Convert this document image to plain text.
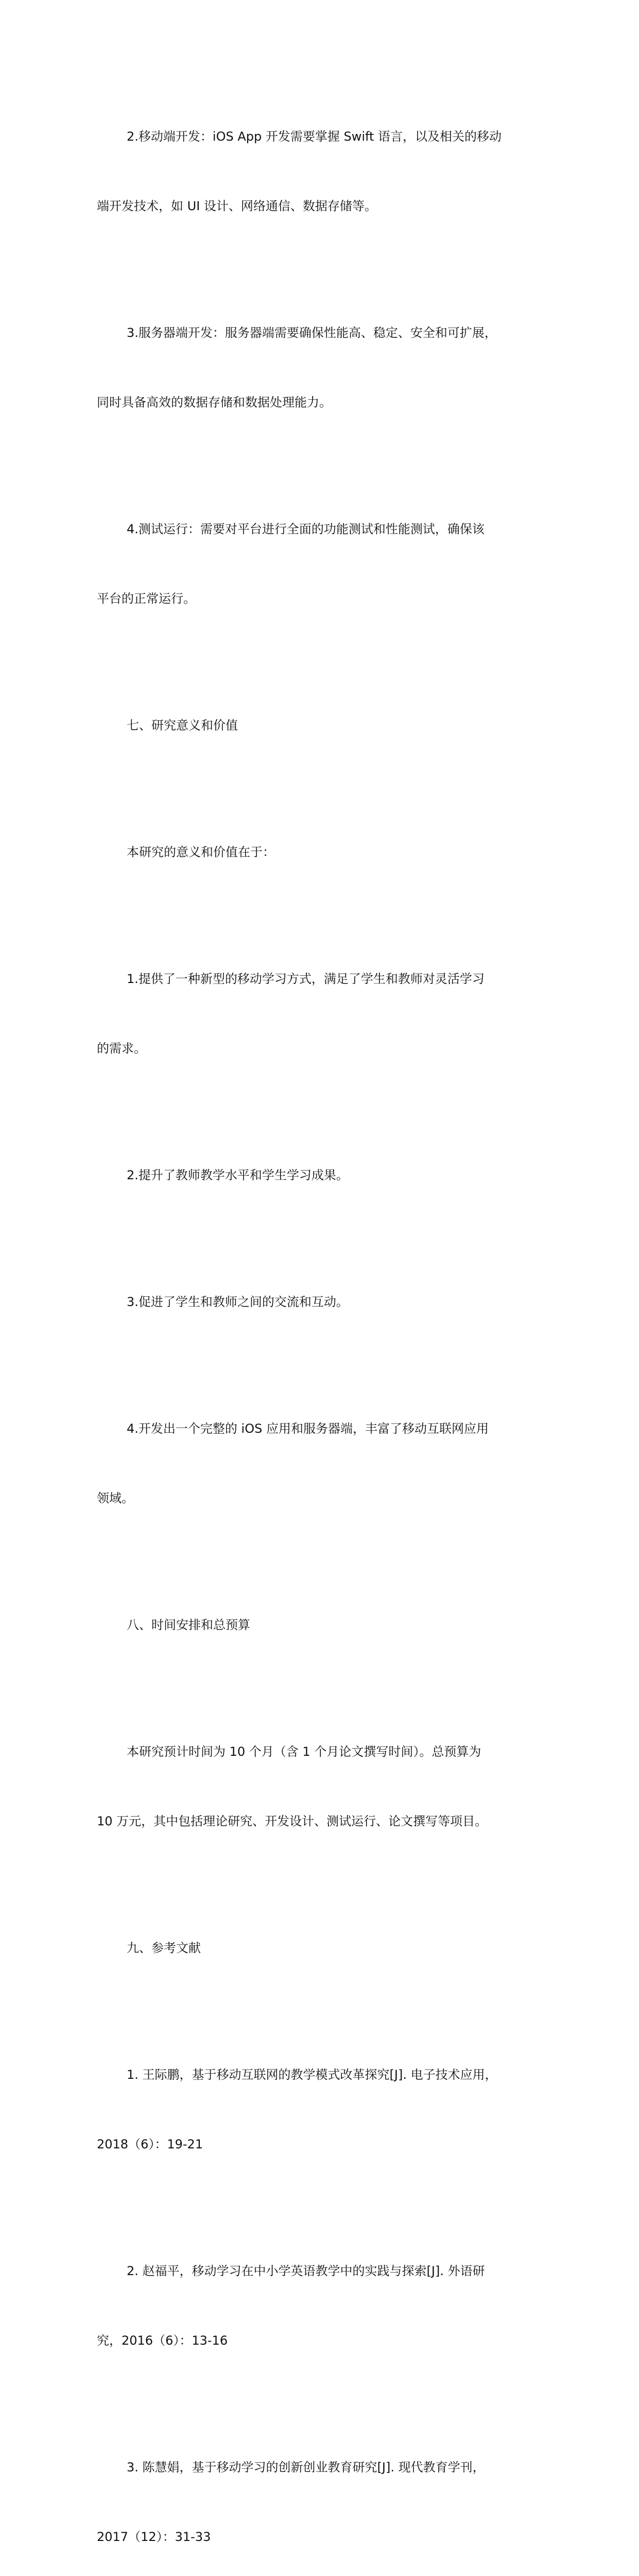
2.移动端开发：iOS App 开发需要掌握 Swift 语言，以及相关的移动

端开发技术，如 UI 设计、网络通信、数据存储等。

3.服务器端开发：服务器端需要确保性能高、稳定、安全和可扩展，

同时具备高效的数据存储和数据处理能力。

4.测试运行：需要对平台进行全面的功能测试和性能测试，确保该

平台的正常运行。

七、研究意义和价值

本研究的意义和价值在于：

1.提供了一种新型的移动学习方式，满足了学生和教师对灵活学习

的需求。

2.提升了教师教学水平和学生学习成果。

3.促进了学生和教师之间的交流和互动。

4.开发出一个完整的 iOS 应用和服务器端，丰富了移动互联网应用

领域。

八、时间安排和总预算

本研究预计时间为 10 个月（含 1 个月论文撰写时间）。总预算为

10 万元，其中包括理论研究、开发设计、测试运行、论文撰写等项目。

九、参考文献

1. 王际鹏，基于移动互联网的教学模式改革探究[J]. 电子技术应用，

2018（6）：19-21

2. 赵福平，移动学习在中小学英语教学中的实践与探索[J]. 外语研

究，2016（6）：13-16

3. 陈慧娟，基于移动学习的创新创业教育研究[J]. 现代教育学刊，

2017（12）：31-33
